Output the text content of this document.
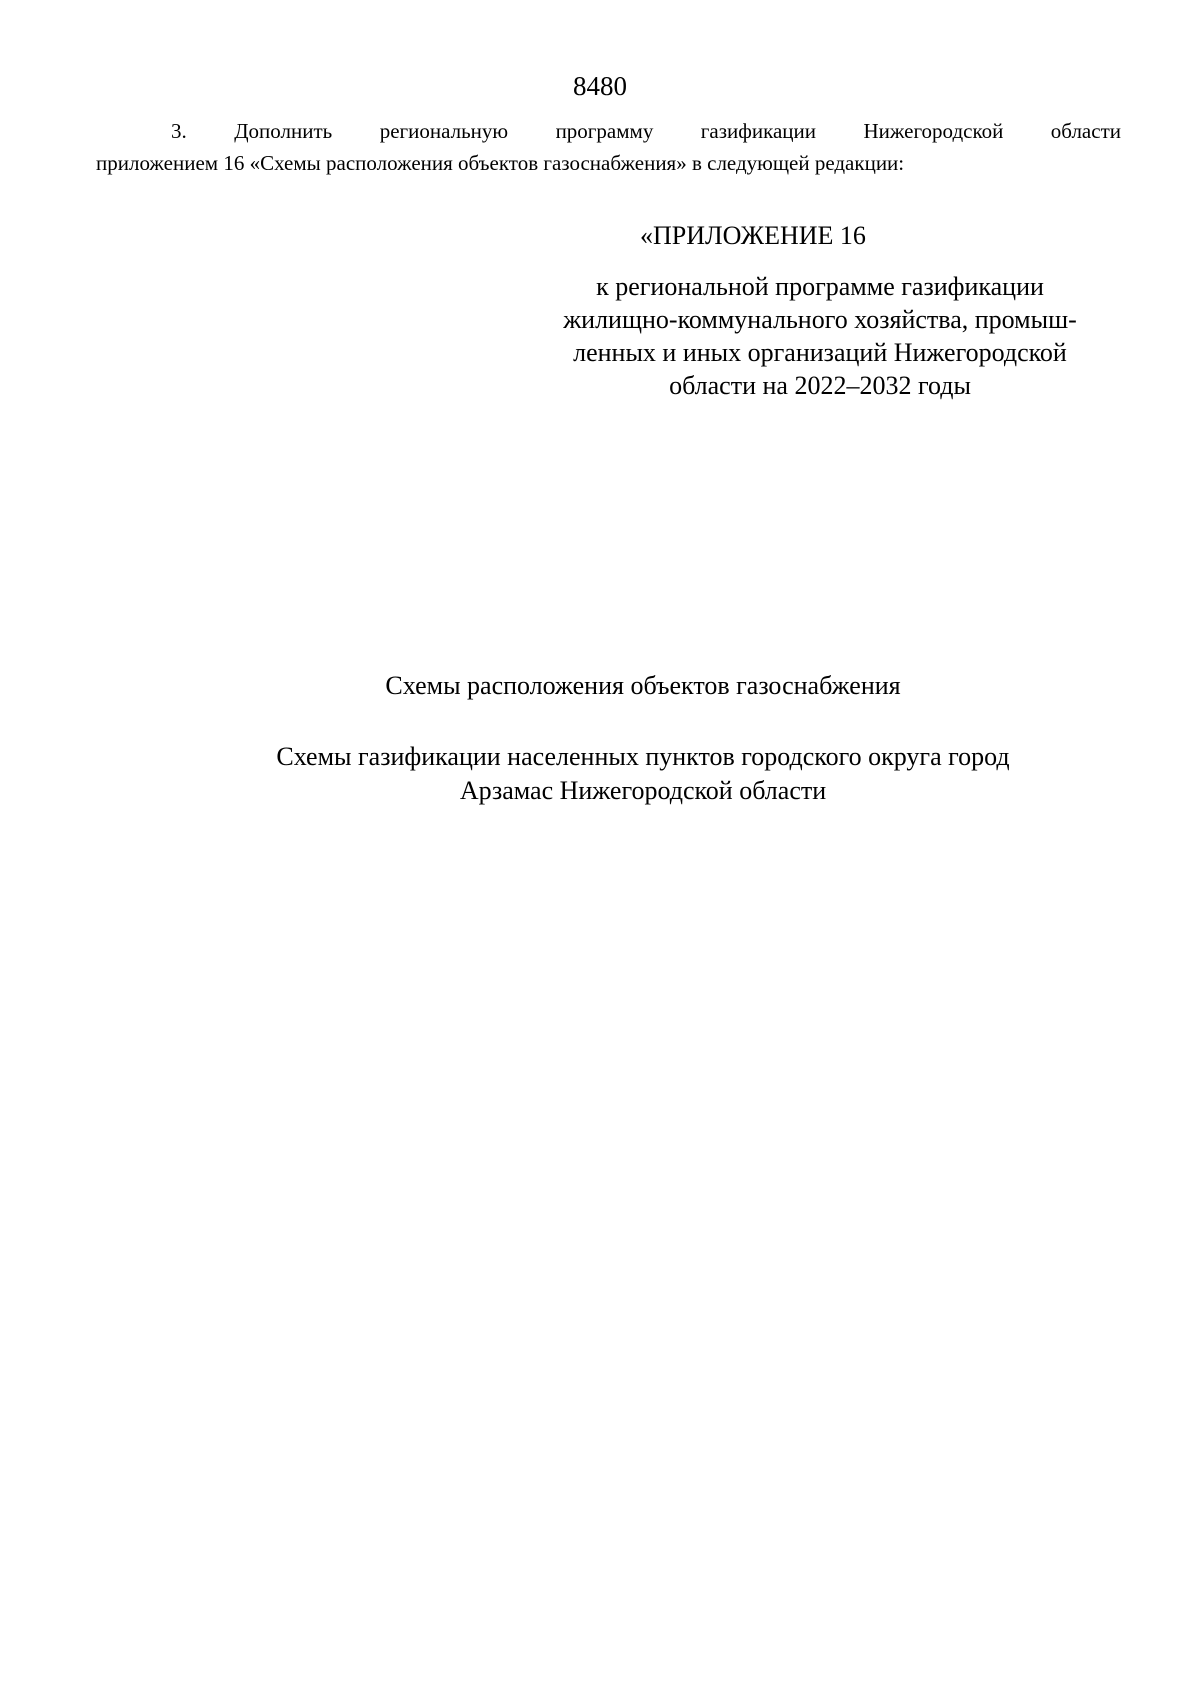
8480
3. Дополнить региональную программу газификации Нижегородской области
приложением 16 «Схемы расположения объектов газоснабжения» в следующей редакции:
«ПРИЛОЖЕНИЕ 16
к региональной программе газификации
жилищно-коммунального хозяйства, промыш-
ленных и иных организаций Нижегородской
области на 2022–2032 годы
Схемы расположения объектов газоснабжения
Схемы газификации населенных пунктов городского округа город
Арзамас Нижегородской области
